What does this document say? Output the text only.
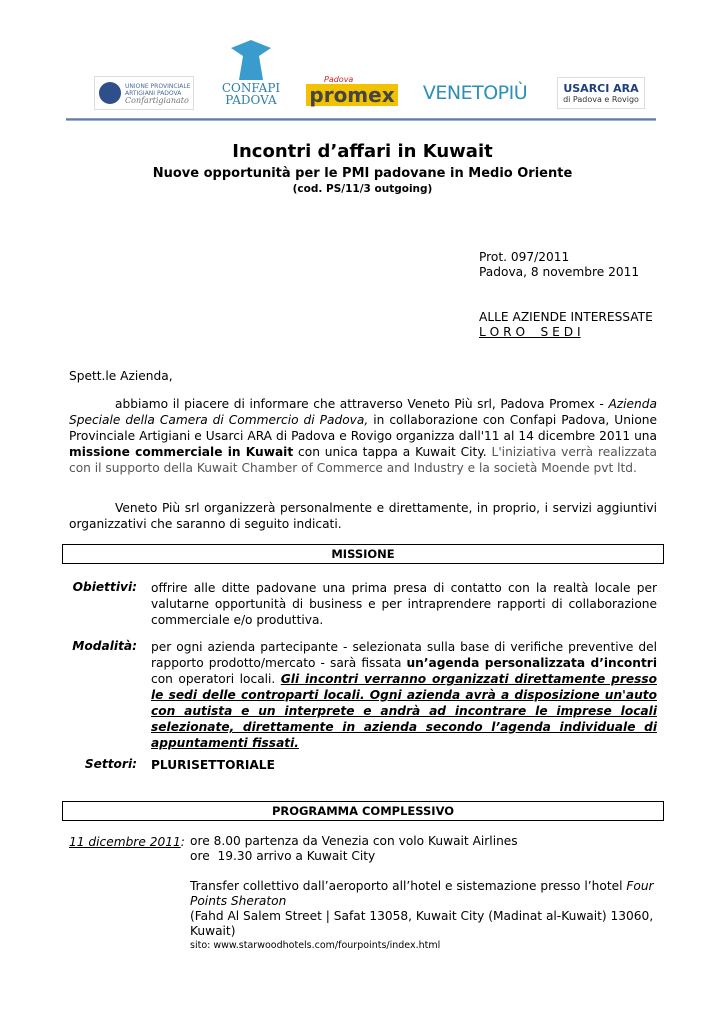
UNIONE PROVINCIALE
ARTIGIANI PADOVA
Confartigianato
CONFAPI
PADOVA
Padova
promex VENETOPIÙ	USARCI ARA
di Padova e Rovigo
Incontri d’affari in Kuwait
Nuove opportunità per le PMI padovane in Medio Oriente
(cod. PS/11/3 outgoing)
Prot. 097/2011
Padova, 8 novembre 2011
ALLE AZIENDE INTERESSATE
L O R O    S E D I
Spett.le Azienda,
abbiamo il piacere di informare che attraverso Veneto Più srl, Padova Promex - Azienda Speciale della Camera di Commercio di Padova, in collaborazione con Confapi Padova, Unione Provinciale Artigiani e Usarci ARA di Padova e Rovigo organizza dall'11 al 14 dicembre 2011 una missione commerciale in Kuwait con unica tappa a Kuwait City. L'iniziativa verrà realizzata con il supporto della Kuwait Chamber of Commerce and Industry e la società Moende pvt ltd.
Veneto Più srl organizzerà personalmente e direttamente, in proprio, i servizi aggiuntivi organizzativi che saranno di seguito indicati.
MISSIONE
Obiettivi: offrire alle ditte padovane una prima presa di contatto con la realtà locale per valutarne opportunità di business e per intraprendere rapporti di collaborazione commerciale e/o produttiva.
Modalità: per ogni azienda partecipante - selezionata sulla base di verifiche preventive del rapporto prodotto/mercato - sarà fissata un’agenda personalizzata d’incontri con operatori locali. Gli incontri verranno organizzati direttamente presso le sedi delle controparti locali. Ogni azienda avrà a disposizione un'auto con autista e un interprete e andrà ad incontrare le imprese locali selezionate, direttamente in azienda secondo l’agenda individuale di appuntamenti fissati.
Settori: PLURISETTORIALE
PROGRAMMA COMPLESSIVO
11 dicembre 2011: ore 8.00 partenza da Venezia con volo Kuwait Airlines
ore  19.30 arrivo a Kuwait City
Transfer collettivo dall’aeroporto all’hotel e sistemazione presso l’hotel Four Points Sheraton
(Fahd Al Salem Street | Safat 13058, Kuwait City (Madinat al-Kuwait) 13060, Kuwait)
sito: www.starwoodhotels.com/fourpoints/index.html
